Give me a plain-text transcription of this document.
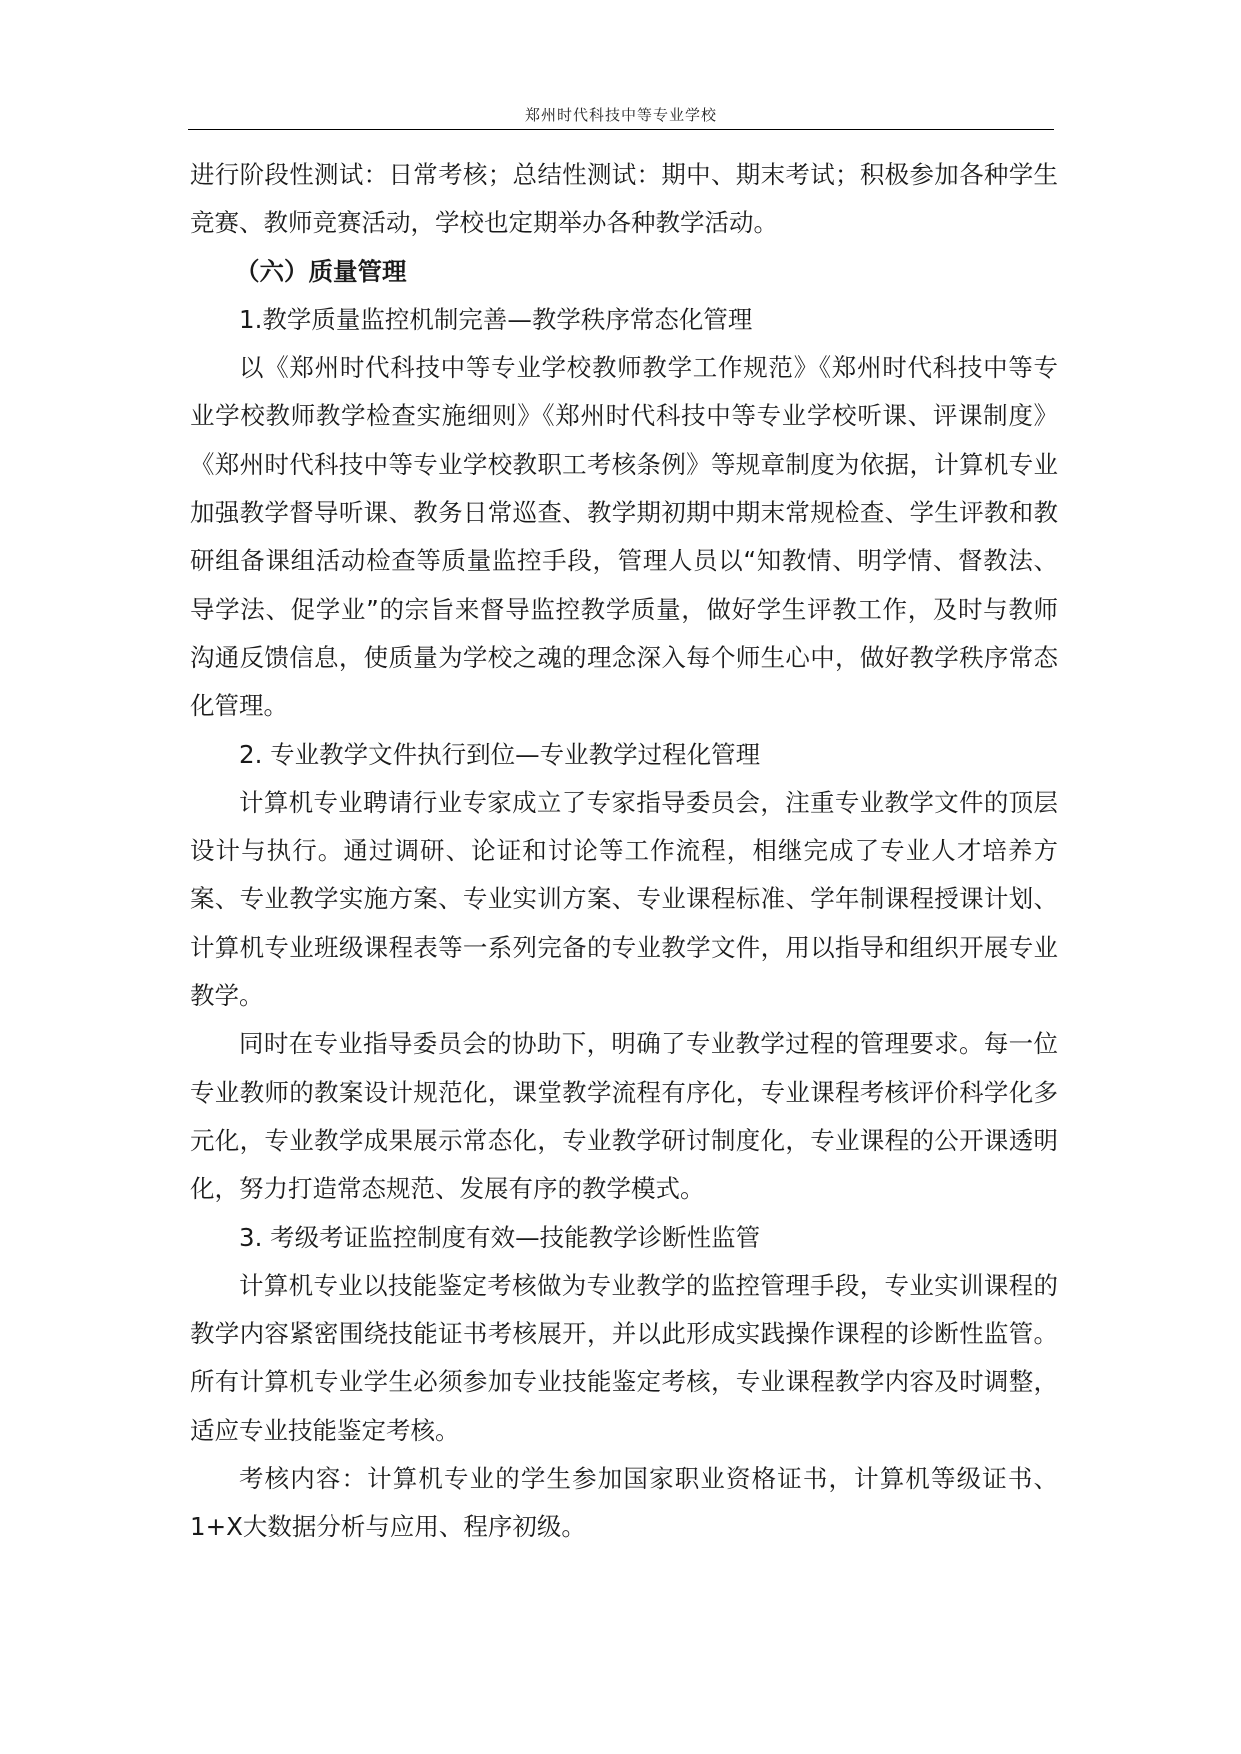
郑州时代科技中等专业学校

进行阶段性测试：日常考核；总结性测试：期中、期末考试；积极参加各种学生竞赛、教师竞赛活动，学校也定期举办各种教学活动。

（六）质量管理

1.教学质量监控机制完善—教学秩序常态化管理

以《郑州时代科技中等专业学校教师教学工作规范》《郑州时代科技中等专业学校教师教学检查实施细则》《郑州时代科技中等专业学校听课、评课制度》《郑州时代科技中等专业学校教职工考核条例》等规章制度为依据，计算机专业加强教学督导听课、教务日常巡查、教学期初期中期末常规检查、学生评教和教研组备课组活动检查等质量监控手段，管理人员以“知教情、明学情、督教法、导学法、促学业”的宗旨来督导监控教学质量，做好学生评教工作，及时与教师沟通反馈信息，使质量为学校之魂的理念深入每个师生心中，做好教学秩序常态化管理。

2. 专业教学文件执行到位—专业教学过程化管理

计算机专业聘请行业专家成立了专家指导委员会，注重专业教学文件的顶层设计与执行。通过调研、论证和讨论等工作流程，相继完成了专业人才培养方案、专业教学实施方案、专业实训方案、专业课程标准、学年制课程授课计划、计算机专业班级课程表等一系列完备的专业教学文件，用以指导和组织开展专业教学。

同时在专业指导委员会的协助下，明确了专业教学过程的管理要求。每一位专业教师的教案设计规范化，课堂教学流程有序化，专业课程考核评价科学化多元化，专业教学成果展示常态化，专业教学研讨制度化，专业课程的公开课透明化，努力打造常态规范、发展有序的教学模式。

3. 考级考证监控制度有效—技能教学诊断性监管

计算机专业以技能鉴定考核做为专业教学的监控管理手段，专业实训课程的教学内容紧密围绕技能证书考核展开，并以此形成实践操作课程的诊断性监管。所有计算机专业学生必须参加专业技能鉴定考核，专业课程教学内容及时调整，适应专业技能鉴定考核。

考核内容：计算机专业的学生参加国家职业资格证书，计算机等级证书、1+X大数据分析与应用、程序初级。
